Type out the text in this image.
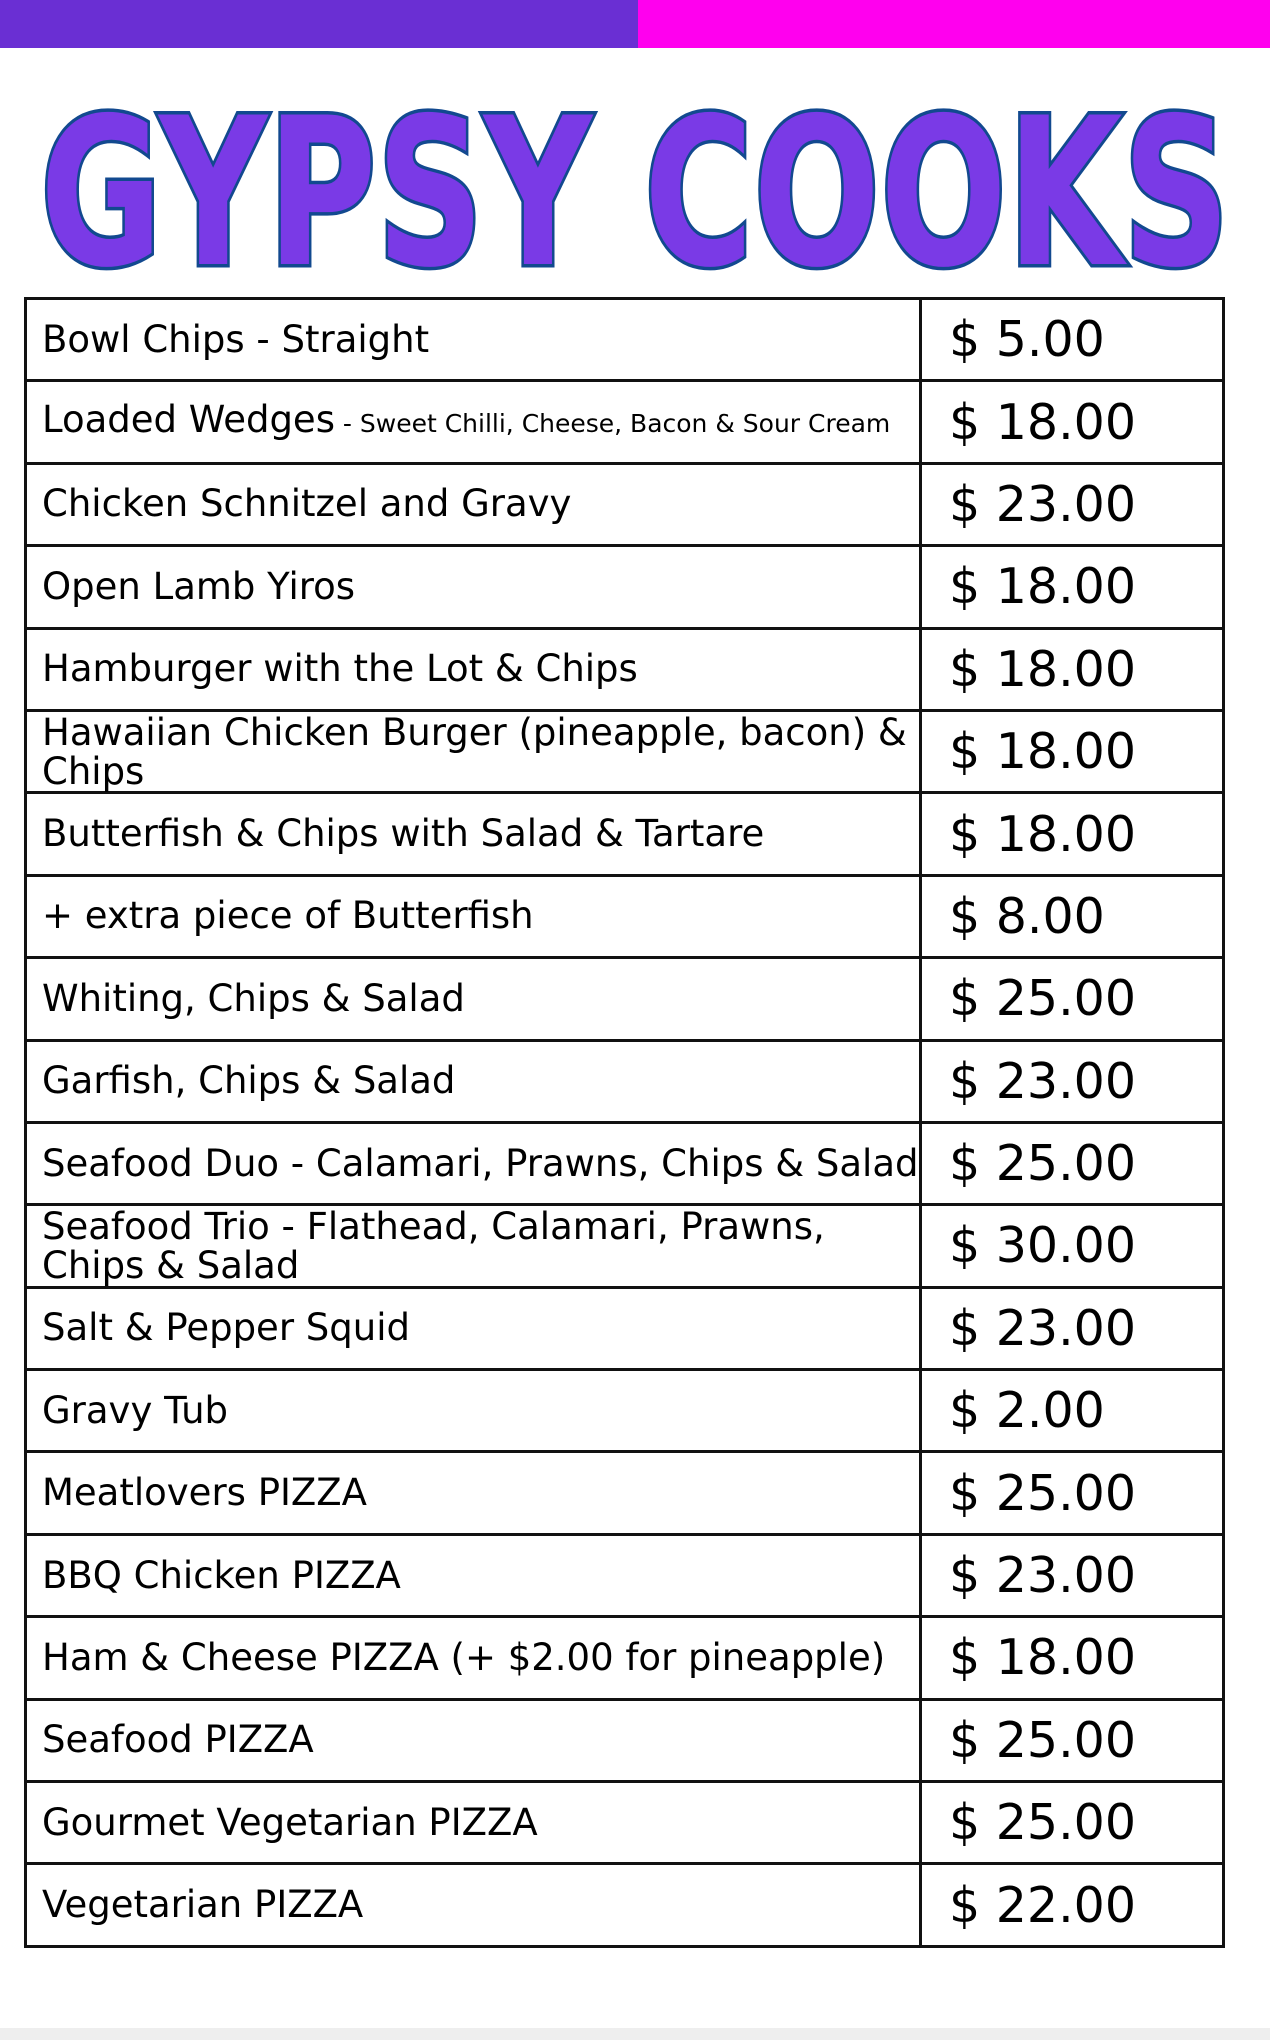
GYPSY COOKS
Bowl Chips - Straight	$ 5.00
Loaded Wedges - Sweet Chilli, Cheese, Bacon & Sour Cream	$ 18.00
Chicken Schnitzel and Gravy	$ 23.00
Open Lamb Yiros	$ 18.00
Hamburger with the Lot & Chips	$ 18.00
Hawaiian Chicken Burger (pineapple, bacon) & Chips	$ 18.00
Butterfish & Chips with Salad & Tartare	$ 18.00
+ extra piece of Butterfish	$ 8.00
Whiting, Chips & Salad	$ 25.00
Garfish, Chips & Salad	$ 23.00
Seafood Duo - Calamari, Prawns, Chips & Salad	$ 25.00
Seafood Trio - Flathead, Calamari, Prawns, Chips & Salad	$ 30.00
Salt & Pepper Squid	$ 23.00
Gravy Tub	$ 2.00
Meatlovers PIZZA	$ 25.00
BBQ Chicken PIZZA	$ 23.00
Ham & Cheese PIZZA (+ $2.00 for pineapple)	$ 18.00
Seafood PIZZA	$ 25.00
Gourmet Vegetarian PIZZA	$ 25.00
Vegetarian PIZZA	$ 22.00
